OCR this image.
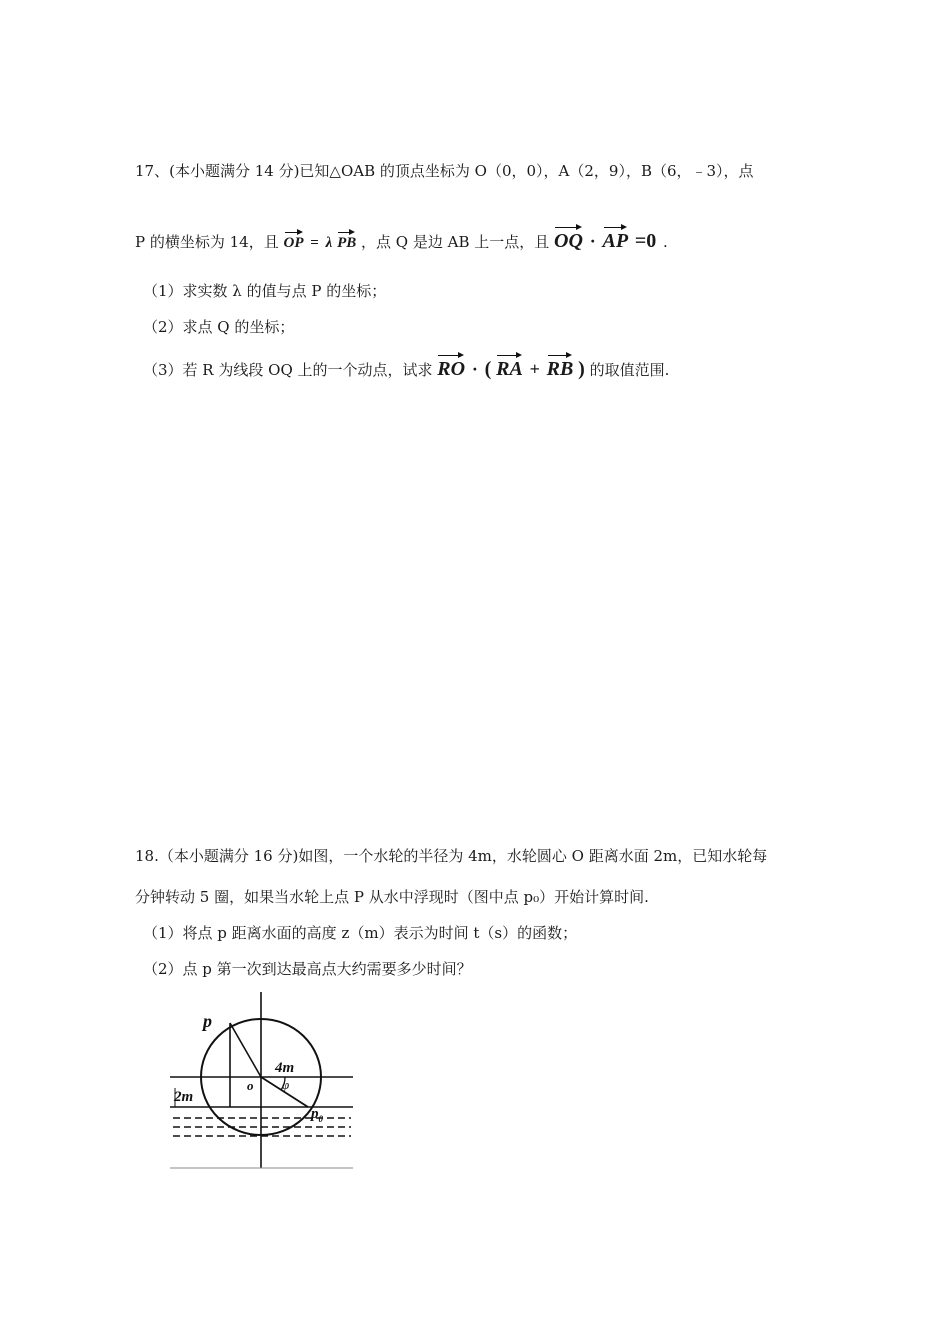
17、(本小题满分 14 分)已知△OAB 的顶点坐标为 O（0，0），A（2，9），B（6，﹣3），点
P 的横坐标为 14，且 OP = λ PB ，点 Q 是边 AB 上一点，且 OQ · AP =0 .
（1）求实数 λ 的值与点 P 的坐标；
（2）求点 Q 的坐标；
（3）若 R 为线段 OQ 上的一个动点，试求 RO · ( RA + RB ) 的取值范围.
18.（本小题满分 16 分)如图，一个水轮的半径为 4m，水轮圆心 O 距离水面 2m，已知水轮每
分钟转动 5 圈，如果当水轮上点 P 从水中浮现时（图中点 p₀）开始计算时间.
（1）将点 p 距离水面的高度 z（m）表示为时间 t（s）的函数；
（2）点 p 第一次到达最高点大约需要多少时间？
p
4m
o φ
2m
$p_0$
